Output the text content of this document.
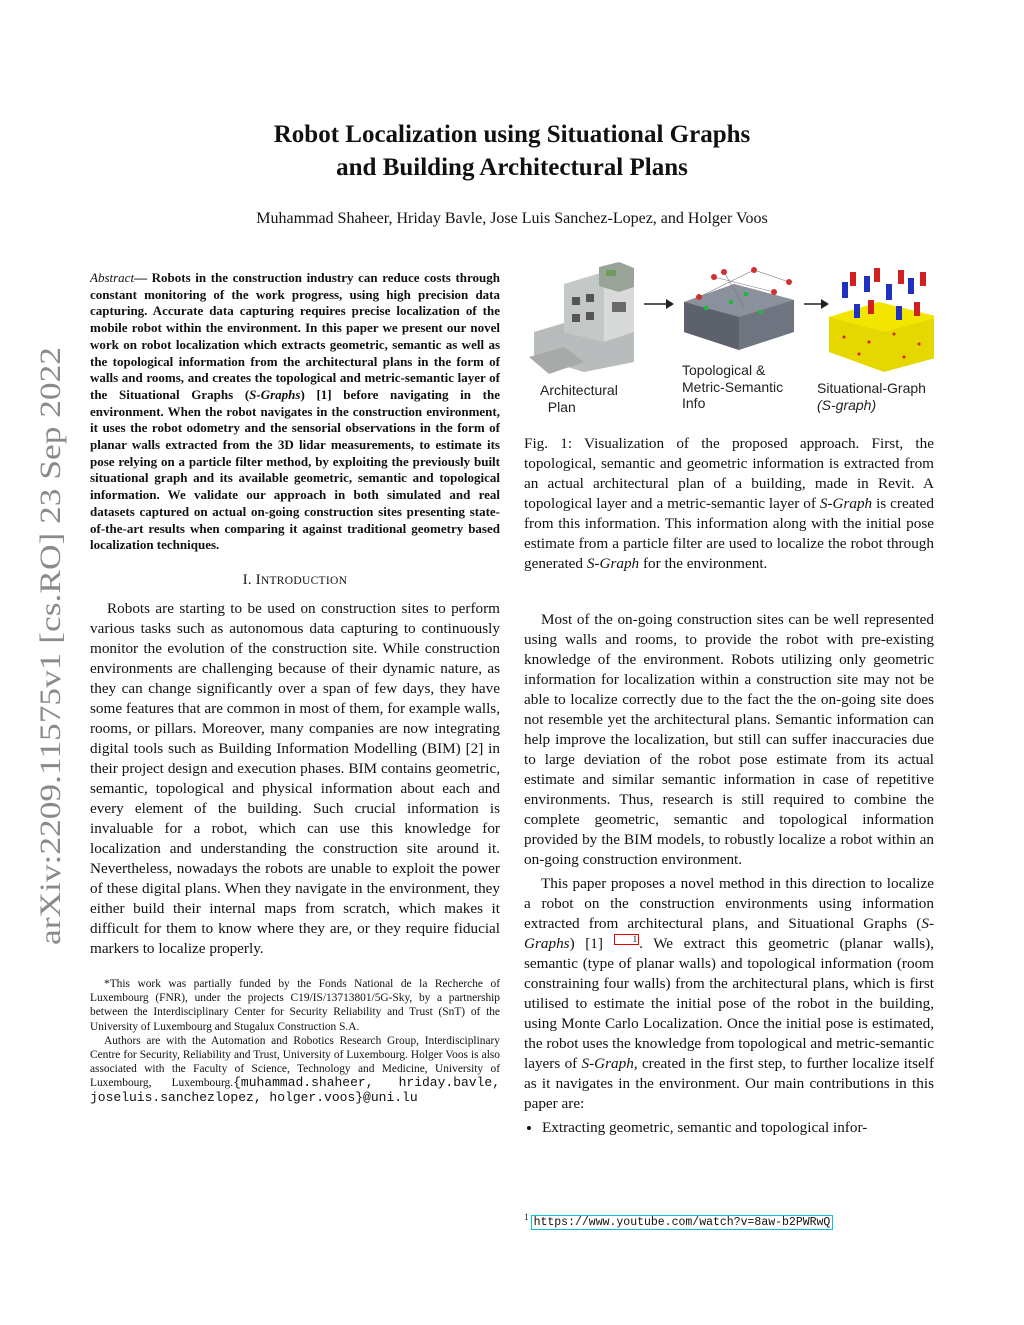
arXiv:2209.11575v1 [cs.RO] 23 Sep 2022
Robot Localization using Situational Graphs
and Building Architectural Plans
Muhammad Shaheer, Hriday Bavle, Jose Luis Sanchez-Lopez, and Holger Voos
Abstract— Robots in the construction industry can reduce costs through constant monitoring of the work progress, using high precision data capturing. Accurate data capturing requires precise localization of the mobile robot within the environment. In this paper we present our novel work on robot localization which extracts geometric, semantic as well as the topological information from the architectural plans in the form of walls and rooms, and creates the topological and metric-semantic layer of the Situational Graphs (S-Graphs) [1] before navigating in the environment. When the robot navigates in the construction environment, it uses the robot odometry and the sensorial observations in the form of planar walls extracted from the 3D lidar measurements, to estimate its pose relying on a particle filter method, by exploiting the previously built situational graph and its available geometric, semantic and topological information. We validate our approach in both simulated and real datasets captured on actual on-going construction sites presenting state-of-the-art results when comparing it against traditional geometry based localization techniques.
I. INTRODUCTION

Robots are starting to be used on construction sites to perform various tasks such as autonomous data capturing to continuously monitor the evolution of the construction site. While construction environments are challenging because of their dynamic nature, as they can change significantly over a span of few days, they have some features that are common in most of them, for example walls, rooms, or pillars. Moreover, many companies are now integrating digital tools such as Building Information Modelling (BIM) [2] in their project design and execution phases. BIM contains geometric, semantic, topological and physical information about each and every element of the building. Such crucial information is invaluable for a robot, which can use this knowledge for localization and understanding the construction site around it. Nevertheless, nowadays the robots are unable to exploit the power of these digital plans. When they navigate in the environment, they either build their internal maps from scratch, which makes it difficult for them to know where they are, or they require fiducial markers to localize properly.

*This work was partially funded by the Fonds National de la Recherche of Luxembourg (FNR), under the projects C19/IS/13713801/5G-Sky, by a partnership between the Interdisciplinary Center for Security Reliability and Trust (SnT) of the University of Luxembourg and Stugalux Construction S.A.

Authors are with the Automation and Robotics Research Group, Interdisciplinary Centre for Security, Reliability and Trust, University of Luxembourg. Holger Voos is also associated with the Faculty of Science, Technology and Medicine, University of Luxembourg, Luxembourg.{muhammad.shaheer, hriday.bavle, joseluis.sanchezlopez, holger.voos}@uni.lu

Architectural
Plan
Topological &
Metric-Semantic
Info
Situational-Graph
(S-graph)
Fig. 1: Visualization of the proposed approach. First, the topological, semantic and geometric information is extracted from an actual architectural plan of a building, made in Revit. A topological layer and a metric-semantic layer of S-Graph is created from this information. This information along with the initial pose estimate from a particle filter are used to localize the robot through generated S-Graph for the environment.

Most of the on-going construction sites can be well represented using walls and rooms, to provide the robot with pre-existing knowledge of the environment. Robots utilizing only geometric information for localization within a construction site may not be able to localize correctly due to the fact the the on-going site does not resemble yet the architectural plans. Semantic information can help improve the localization, but still can suffer inaccuracies due to large deviation of the robot pose estimate from its actual estimate and similar semantic information in case of repetitive environments. Thus, research is still required to combine the complete geometric, semantic and topological information provided by the BIM models, to robustly localize a robot within an on-going construction environment.

This paper proposes a novel method in this direction to localize a robot on the construction environments using information extracted from architectural plans, and Situational Graphs (S-Graphs) [1] 1 . We extract this geometric (planar walls), semantic (type of planar walls) and topological information (room constraining four walls) from the architectural plans, which is first utilised to estimate the initial pose of the robot in the building, using Monte Carlo Localization. Once the initial pose is estimated, the robot uses the knowledge from topological and metric-semantic layers of S-Graph, created in the first step, to further localize itself as it navigates in the environment. Our main contributions in this paper are:

• Extracting geometric, semantic and topological infor-
$^1$ https://www.youtube.com/watch?v=8aw-b2PWRwQ
